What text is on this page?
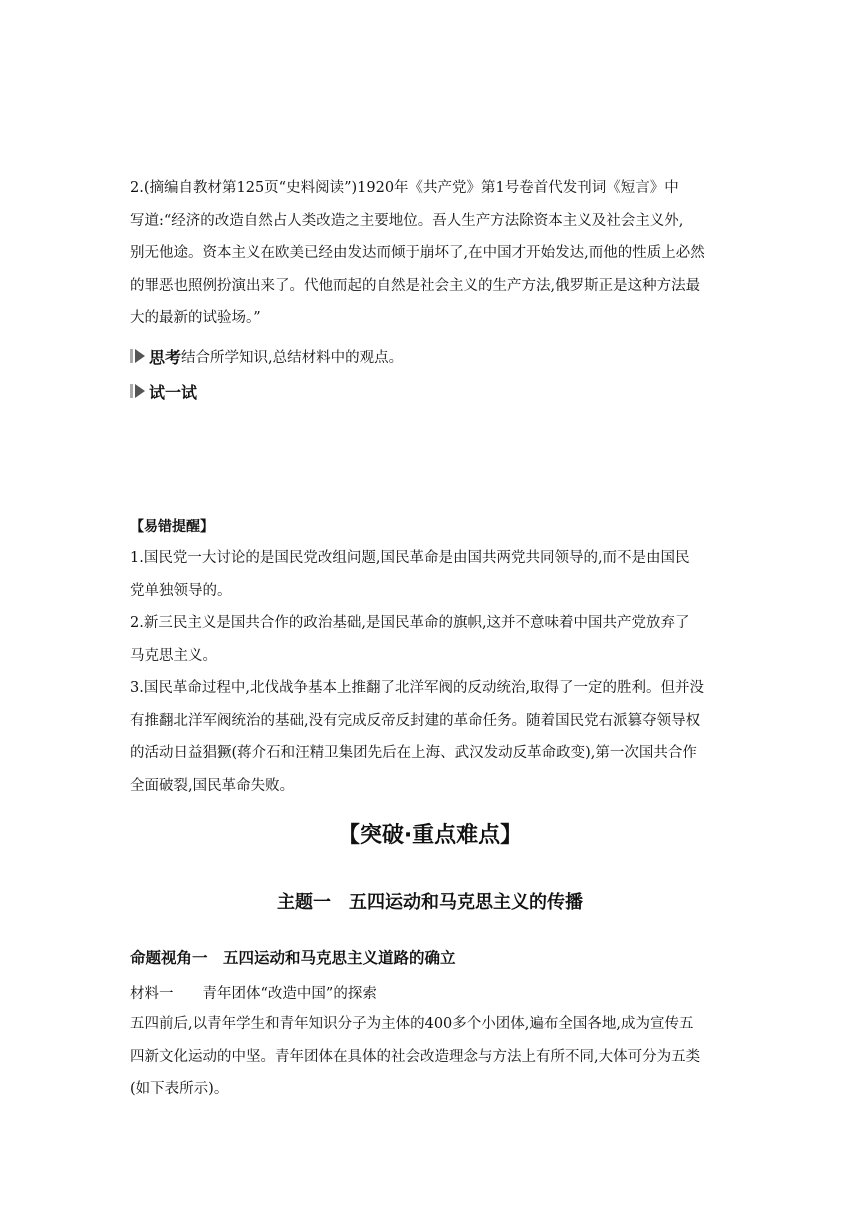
2.(摘编自教材第125页“史料阅读”)1920年《共产党》第1号卷首代发刊词《短言》中

写道:“经济的改造自然占人类改造之主要地位。吾人生产方法除资本主义及社会主义外,

别无他途。资本主义在欧美已经由发达而倾于崩坏了,在中国才开始发达,而他的性质上必然

的罪恶也照例扮演出来了。代他而起的自然是社会主义的生产方法,俄罗斯正是这种方法最

大的最新的试验场。”

思考 结合所学知识,总结材料中的观点。
试一试
【易错提醒】

1.国民党一大讨论的是国民党改组问题,国民革命是由国共两党共同领导的,而不是由国民

党单独领导的。

2.新三民主义是国共合作的政治基础,是国民革命的旗帜,这并不意味着中国共产党放弃了

马克思主义。

3.国民革命过程中,北伐战争基本上推翻了北洋军阀的反动统治,取得了一定的胜利。但并没

有推翻北洋军阀统治的基础,没有完成反帝反封建的革命任务。随着国民党右派篡夺领导权

的活动日益猖獗(蒋介石和汪精卫集团先后在上海、武汉发动反革命政变),第一次国共合作

全面破裂,国民革命失败。

【突破·重点难点】
主题一　五四运动和马克思主义的传播
命题视角一　五四运动和马克思主义道路的确立
材料一　　青年团体“改造中国”的探索

五四前后,以青年学生和青年知识分子为主体的400多个小团体,遍布全国各地,成为宣传五

四新文化运动的中坚。青年团体在具体的社会改造理念与方法上有所不同,大体可分为五类

(如下表所示)。
